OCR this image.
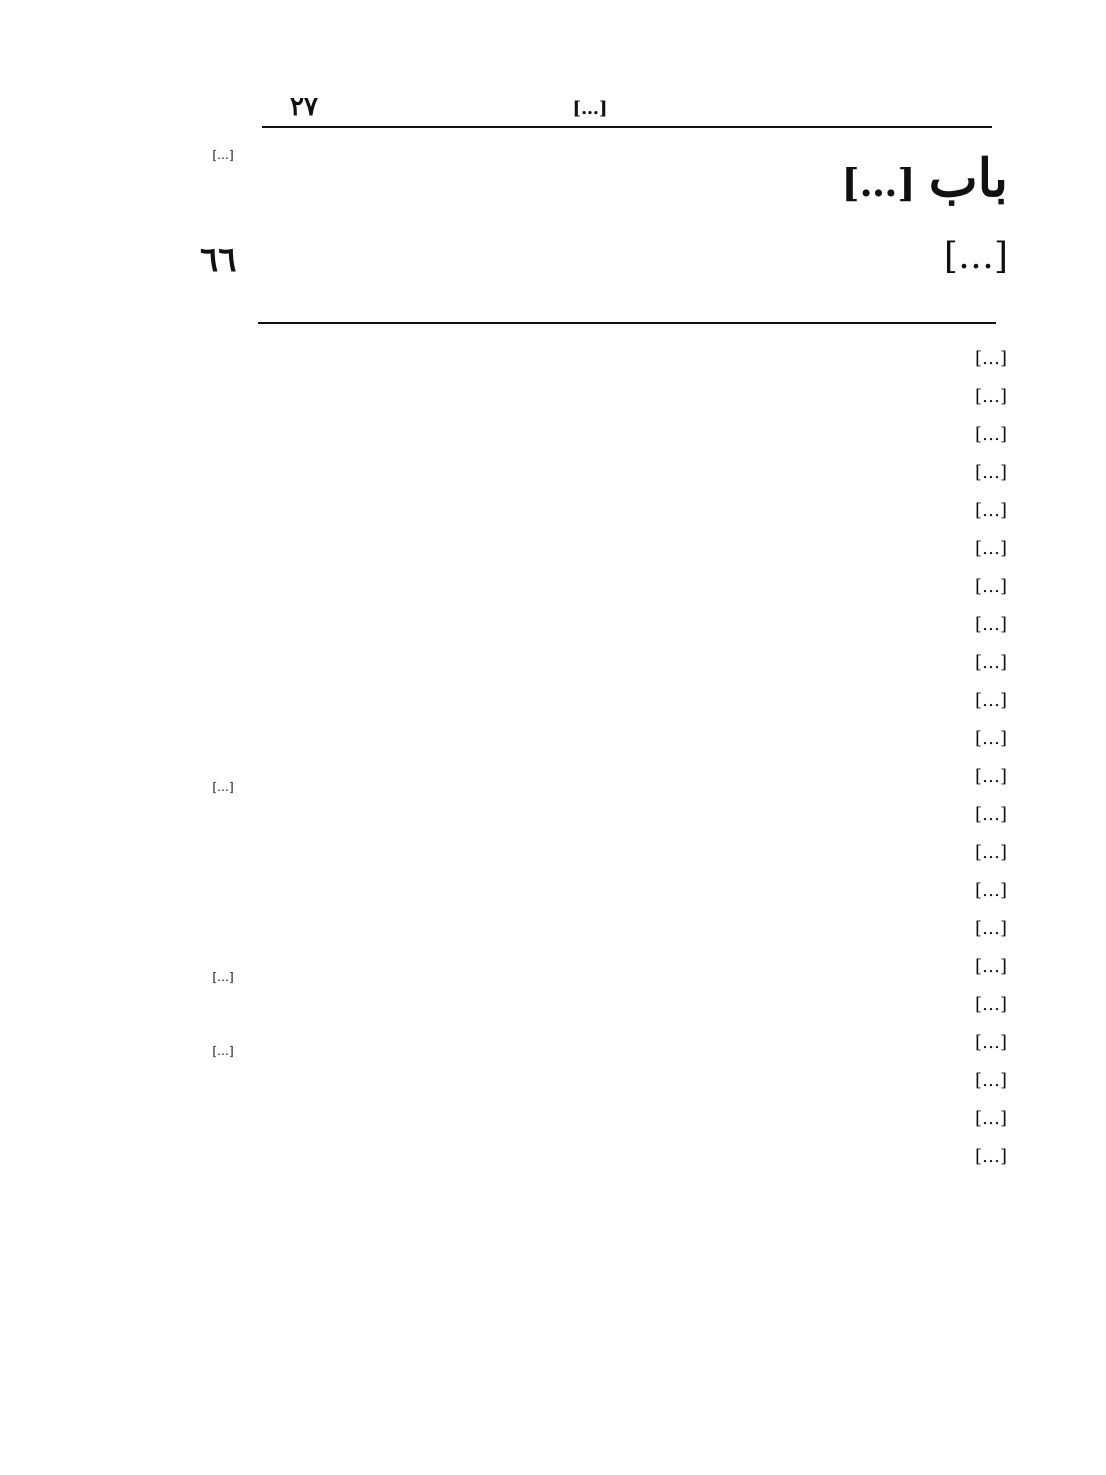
٢٧	[…]
باب […]
[…]
٦٦
[…]
[…]
[…]
[…]
[…]
[…]
[…]
[…]
[…]
[…]
[…]
[…]
[…]
[…]
[…]
[…]
[…]
[…]
[…]
[…]
[…]
[…]
[…]
[…]
[…]
[…]
